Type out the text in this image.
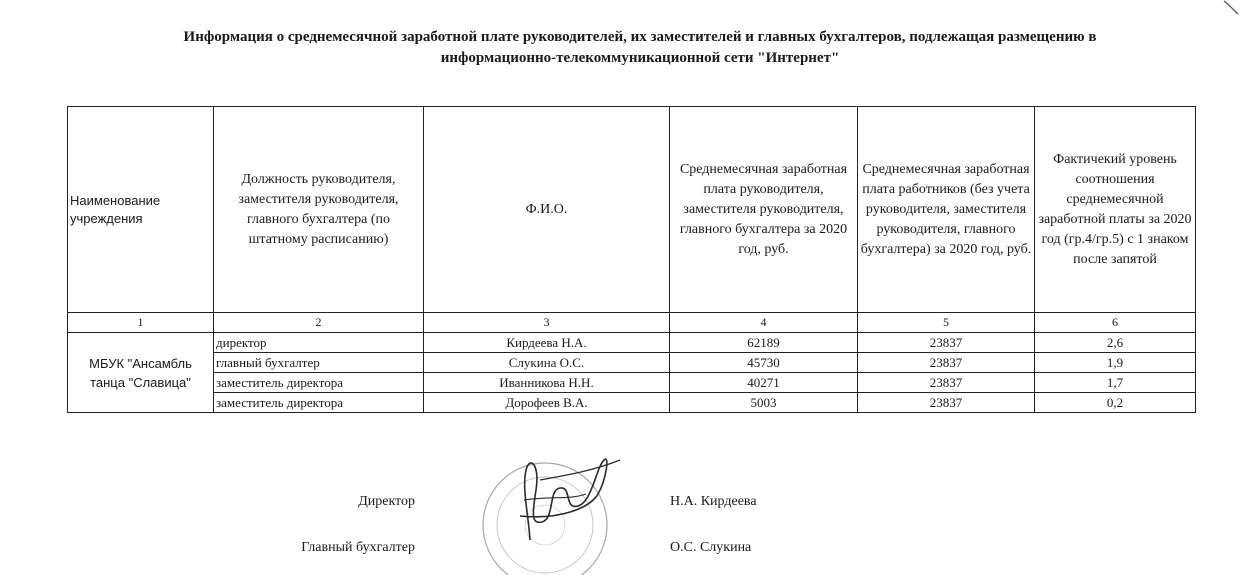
Информация о среднемесячной заработной плате руководителей, их заместителей и главных бухгалтеров, подлежащая размещению в
информационно-телекоммуникационной сети "Интернет"
Наименование учреждения	Должность руководителя, заместителя руководителя, главного бухгалтера (по штатному расписанию)	Ф.И.О.	Среднемесячная заработная плата руководителя, заместителя руководителя, главного бухгалтера за 2020 год, руб.	Среднемесячная заработная плата работников (без учета руководителя, заместителя руководителя, главного бухгалтера) за 2020 год, руб.	Фактичекий уровень соотношения среднемесячной заработной платы за 2020 год (гр.4/гр.5) с 1 знаком после запятой
1	2	3	4	5	6
МБУК "Ансамбль танца "Славица"	директор	Кирдеева Н.А.	62189	23837	2,6
	главный бухгалтер	Слукина О.С.	45730	23837	1,9
	заместитель директора	Иванникова Н.Н.	40271	23837	1,7
	заместитель директора	Дорофеев В.А.	5003	23837	0,2
Директор	Н.А. Кирдеева
Главный бухгалтер	О.С. Слукина
